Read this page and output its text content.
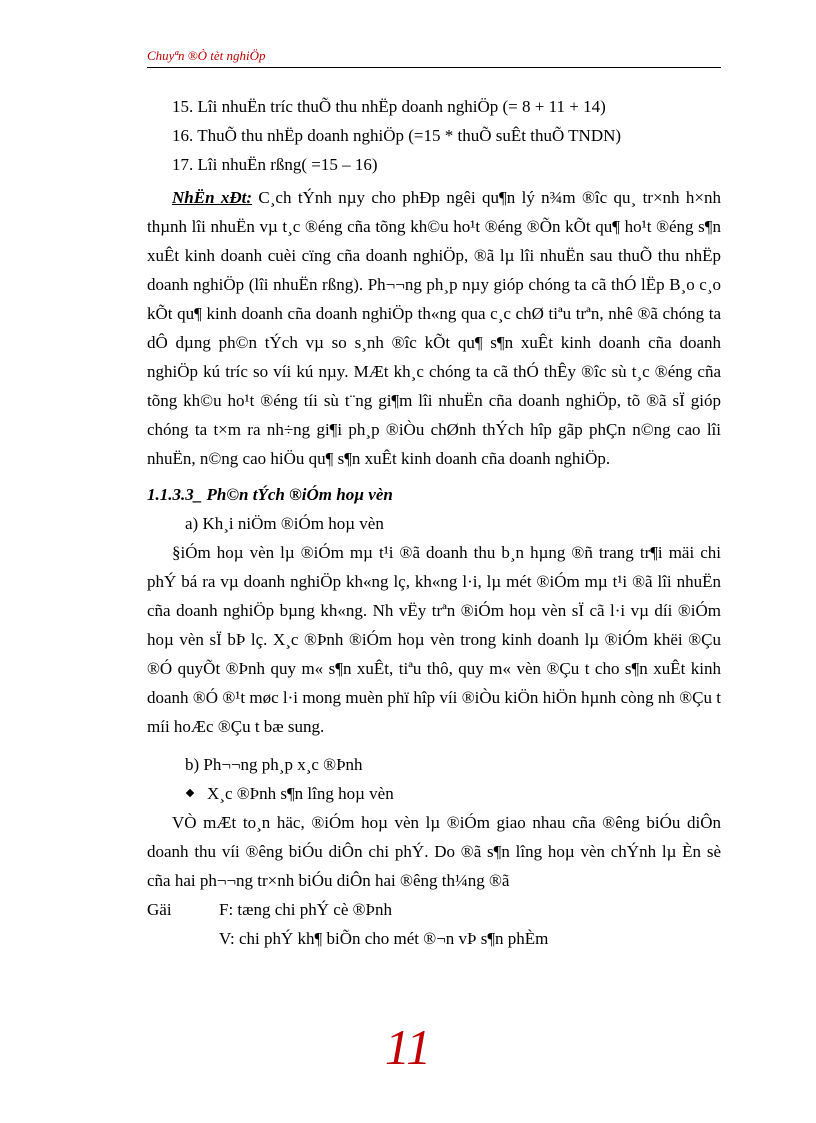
Chuyªn ®Ò tèt nghiÖp

15. Lîi nhuËn tríc thuÕ thu nhËp doanh nghiÖp (= 8 + 11 + 14)

16. ThuÕ thu nhËp doanh nghiÖp (=15 * thuÕ suÊt thuÕ TNDN)

17. Lîi nhuËn rßng( =15 – 16)

NhËn xÐt: C¸ch tÝnh nµy cho phÐp ngêi qu¶n lý n¾m ®îc qu¸ tr×nh h×nh thµnh lîi nhuËn vµ t¸c ®éng cña tõng kh©u ho¹t ®éng ®Õn kÕt qu¶ ho¹t ®éng s¶n xuÊt kinh doanh cuèi cïng cña doanh nghiÖp, ®ã lµ lîi nhuËn sau thuÕ thu nhËp doanh nghiÖp (lîi nhuËn rßng). Ph¬¬ng ph¸p nµy gióp chóng ta cã thÓ lËp B¸o c¸o kÕt qu¶ kinh doanh cña doanh nghiÖp th«ng qua c¸c chØ tiªu trªn, nhê ®ã chóng ta dÔ dµng ph©n tÝch vµ so s¸nh ®îc kÕt qu¶ s¶n xuÊt kinh doanh cña doanh nghiÖp kú tríc so víi kú nµy. MÆt kh¸c chóng ta cã thÓ thÊy ®îc sù t¸c ®éng cña tõng kh©u ho¹t ®éng tíi sù t¨ng gi¶m lîi nhuËn cña doanh nghiÖp, tõ ®ã sÏ gióp chóng ta t×m ra nh÷ng gi¶i ph¸p ®iÒu chØnh thÝch hîp gãp phÇn n©ng cao lîi nhuËn, n©ng cao hiÖu qu¶ s¶n xuÊt kinh doanh cña doanh nghiÖp.

1.1.3.3_ Ph©n tÝch ®iÓm hoµ vèn

a) Kh¸i niÖm ®iÓm hoµ vèn

§iÓm hoµ vèn lµ ®iÓm mµ t¹i ®ã doanh thu b¸n hµng ®ñ trang tr¶i mäi chi phÝ bá ra vµ doanh nghiÖp kh«ng lç, kh«ng l·i, lµ mét ®iÓm mµ t¹i ®ã lîi nhuËn cña doanh nghiÖp bµng kh«ng. Nh vËy trªn ®iÓm hoµ vèn sÏ cã l·i vµ díi ®iÓm hoµ vèn sÏ bÞ lç. X¸c ®Þnh ®iÓm hoµ vèn trong kinh doanh lµ ®iÓm khëi ®Çu ®Ó quyÕt ®Þnh quy m« s¶n xuÊt, tiªu thô, quy m« vèn ®Çu t cho s¶n xuÊt kinh doanh ®Ó ®¹t møc l·i mong muèn phï hîp víi ®iÒu kiÖn hiÖn hµnh còng nh ®Çu t míi hoÆc ®Çu t bæ sung.

b) Ph¬¬ng ph¸p x¸c ®Þnh

X¸c ®Þnh s¶n lîng hoµ vèn

VÒ mÆt to¸n häc, ®iÓm hoµ vèn lµ ®iÓm giao nhau cña ®êng biÓu diÔn doanh thu víi ®êng biÓu diÔn chi phÝ. Do ®ã s¶n lîng hoµ vèn chÝnh lµ Èn sè cña hai ph¬¬ng tr×nh biÓu diÔn hai ®êng th¼ng ®ã

Gäi	F: tæng chi phÝ cè ®Þnh

V: chi phÝ kh¶ biÕn cho mét ®¬n vÞ s¶n phÈm

11
